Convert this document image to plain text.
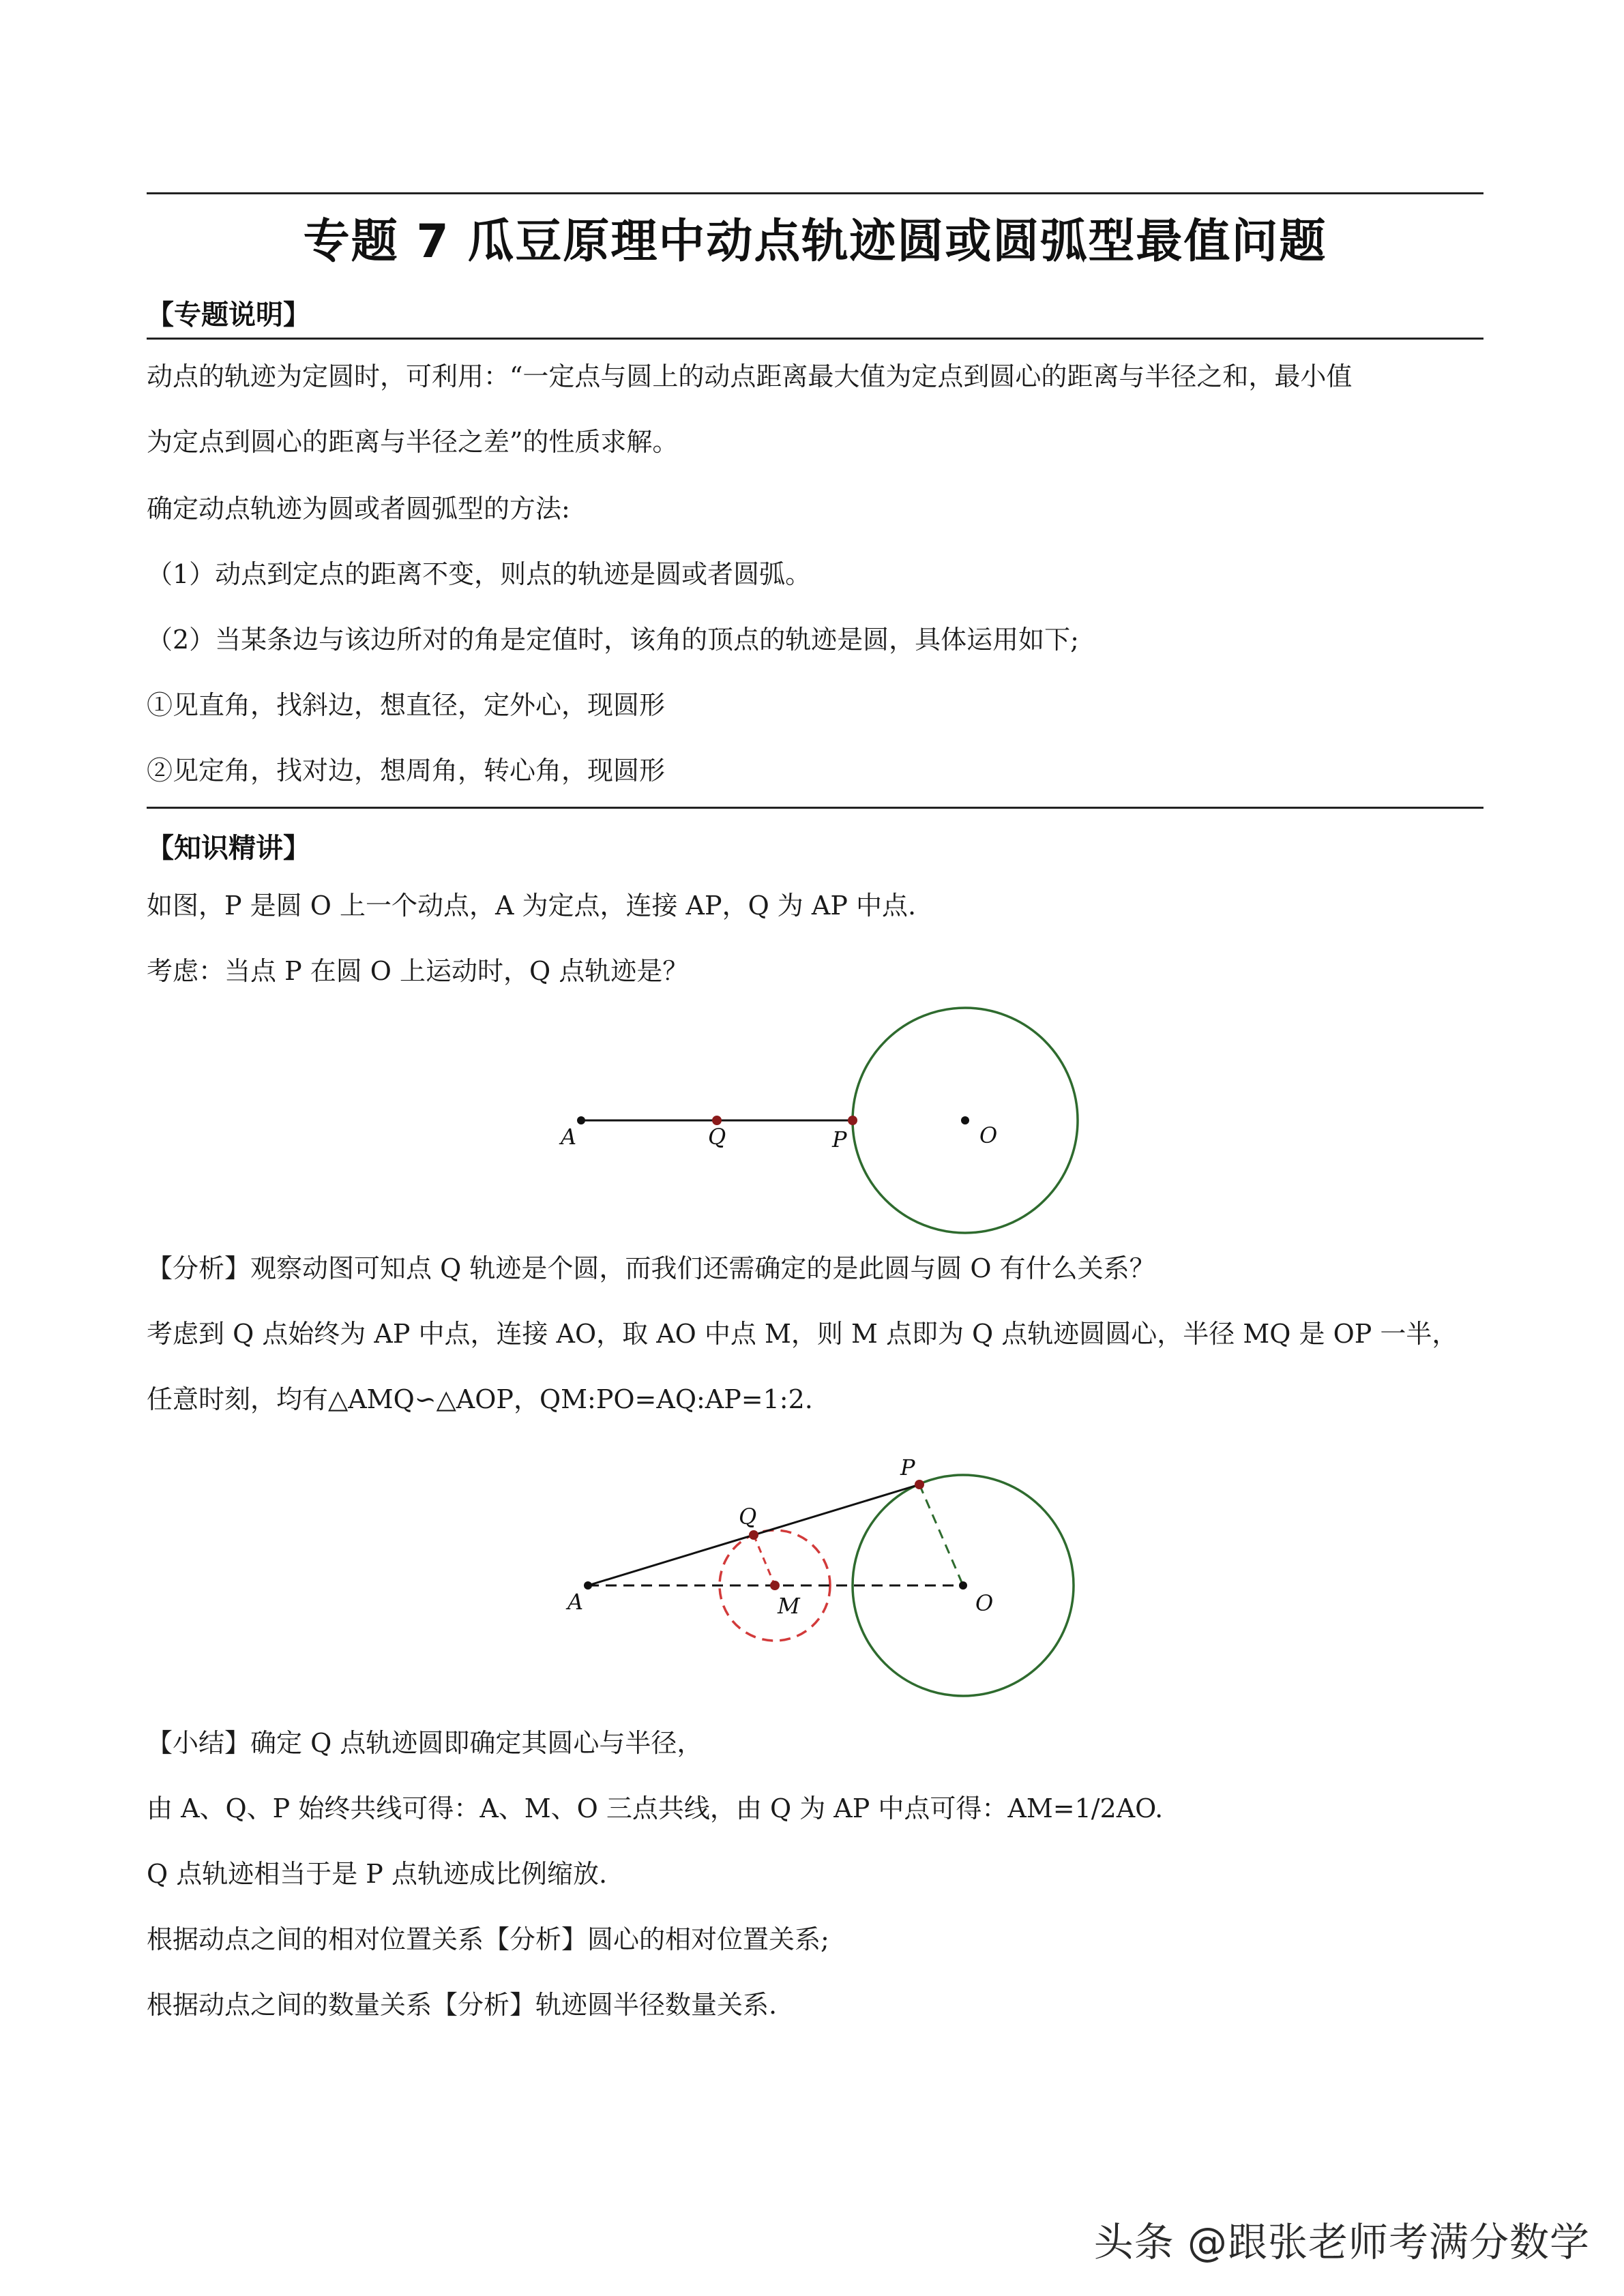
专题 7 瓜豆原理中动点轨迹圆或圆弧型最值问题
【专题说明】
动点的轨迹为定圆时，可利用：“一定点与圆上的动点距离最大值为定点到圆心的距离与半径之和，最小值
为定点到圆心的距离与半径之差”的性质求解。
确定动点轨迹为圆或者圆弧型的方法:
（1）动点到定点的距离不变，则点的轨迹是圆或者圆弧。
（2）当某条边与该边所对的角是定值时，该角的顶点的轨迹是圆，具体运用如下;
①见直角，找斜边，想直径，定外心，现圆形
②见定角，找对边，想周角，转心角，现圆形
【知识精讲】
如图，P 是圆 O 上一个动点，A 为定点，连接 AP，Q 为 AP 中点.
考虑：当点 P 在圆 O 上运动时，Q 点轨迹是？
A	Q	P	O
【分析】观察动图可知点 Q 轨迹是个圆，而我们还需确定的是此圆与圆 O 有什么关系？
考虑到 Q 点始终为 AP 中点，连接 AO，取 AO 中点 M，则 M 点即为 Q 点轨迹圆圆心，半径 MQ 是 OP 一半，
任意时刻，均有△AMQ∽△AOP，QM:PO=AQ:AP=1:2.
A
Q
P
M	O
【小结】确定 Q 点轨迹圆即确定其圆心与半径，
由 A、Q、P 始终共线可得：A、M、O 三点共线，由 Q 为 AP 中点可得：AM=1/2AO.
Q 点轨迹相当于是 P 点轨迹成比例缩放.
根据动点之间的相对位置关系【分析】圆心的相对位置关系;
根据动点之间的数量关系【分析】轨迹圆半径数量关系.
头条 @跟张老师考满分数学
